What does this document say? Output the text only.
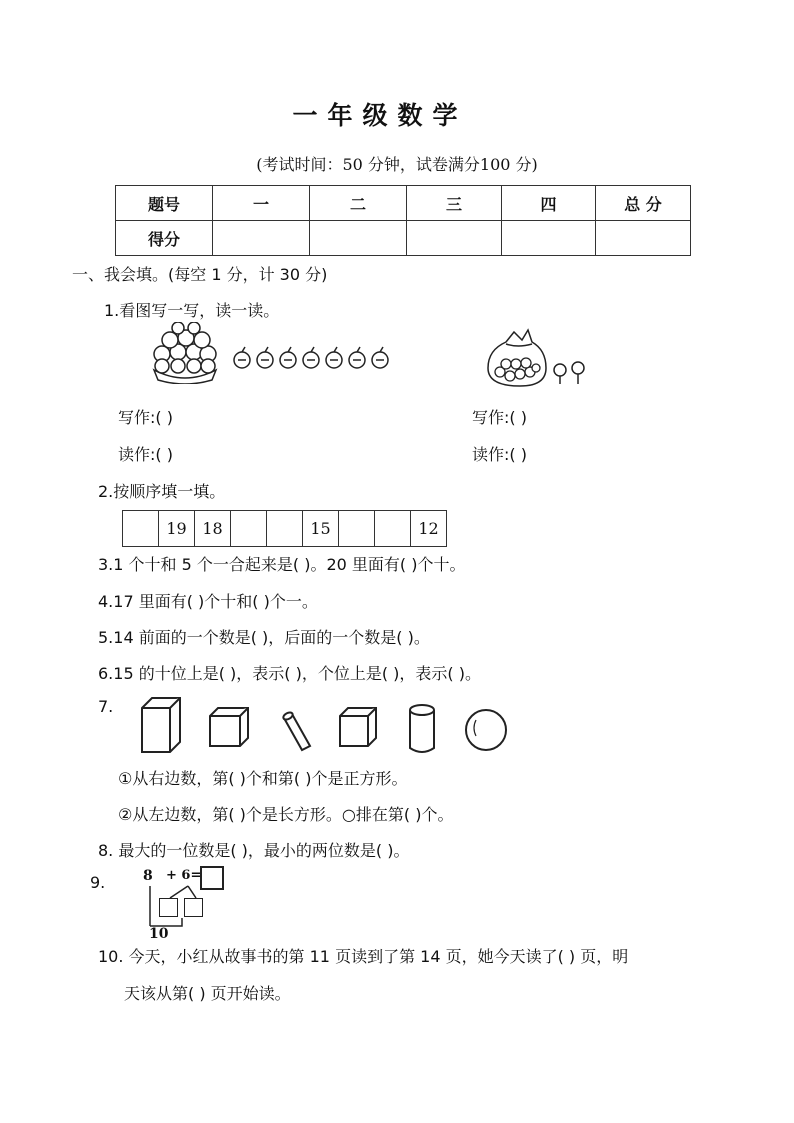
一年级数学
(考试时间：50 分钟，试卷满分100 分)
题号	一	二	三	四	总 分
得分					
一、我会填。(每空 1 分，计 30 分)
1.看图写一写，读一读。
写作:( )
读作:( )
写作:( )
读作:( )
2.按顺序填一填。
	19	18			15			12
3.1 个十和 5 个一合起来是( )。20 里面有( )个十。
4.17 里面有( )个十和( )个一。
5.14 前面的一个数是( )，后面的一个数是( )。
6.15 的十位上是( )，表示( )，个位上是( )，表示( )。
7.
①从右边数，第( )个和第( )个是正方形。
②从左边数，第( )个是长方形。○排在第( )个。
8. 最大的一位数是( )，最小的两位数是( )。
9.	8 + 6=
10
10. 今天，小红从故事书的第 11 页读到了第 14 页，她今天读了( ) 页，明
天该从第( ) 页开始读。
